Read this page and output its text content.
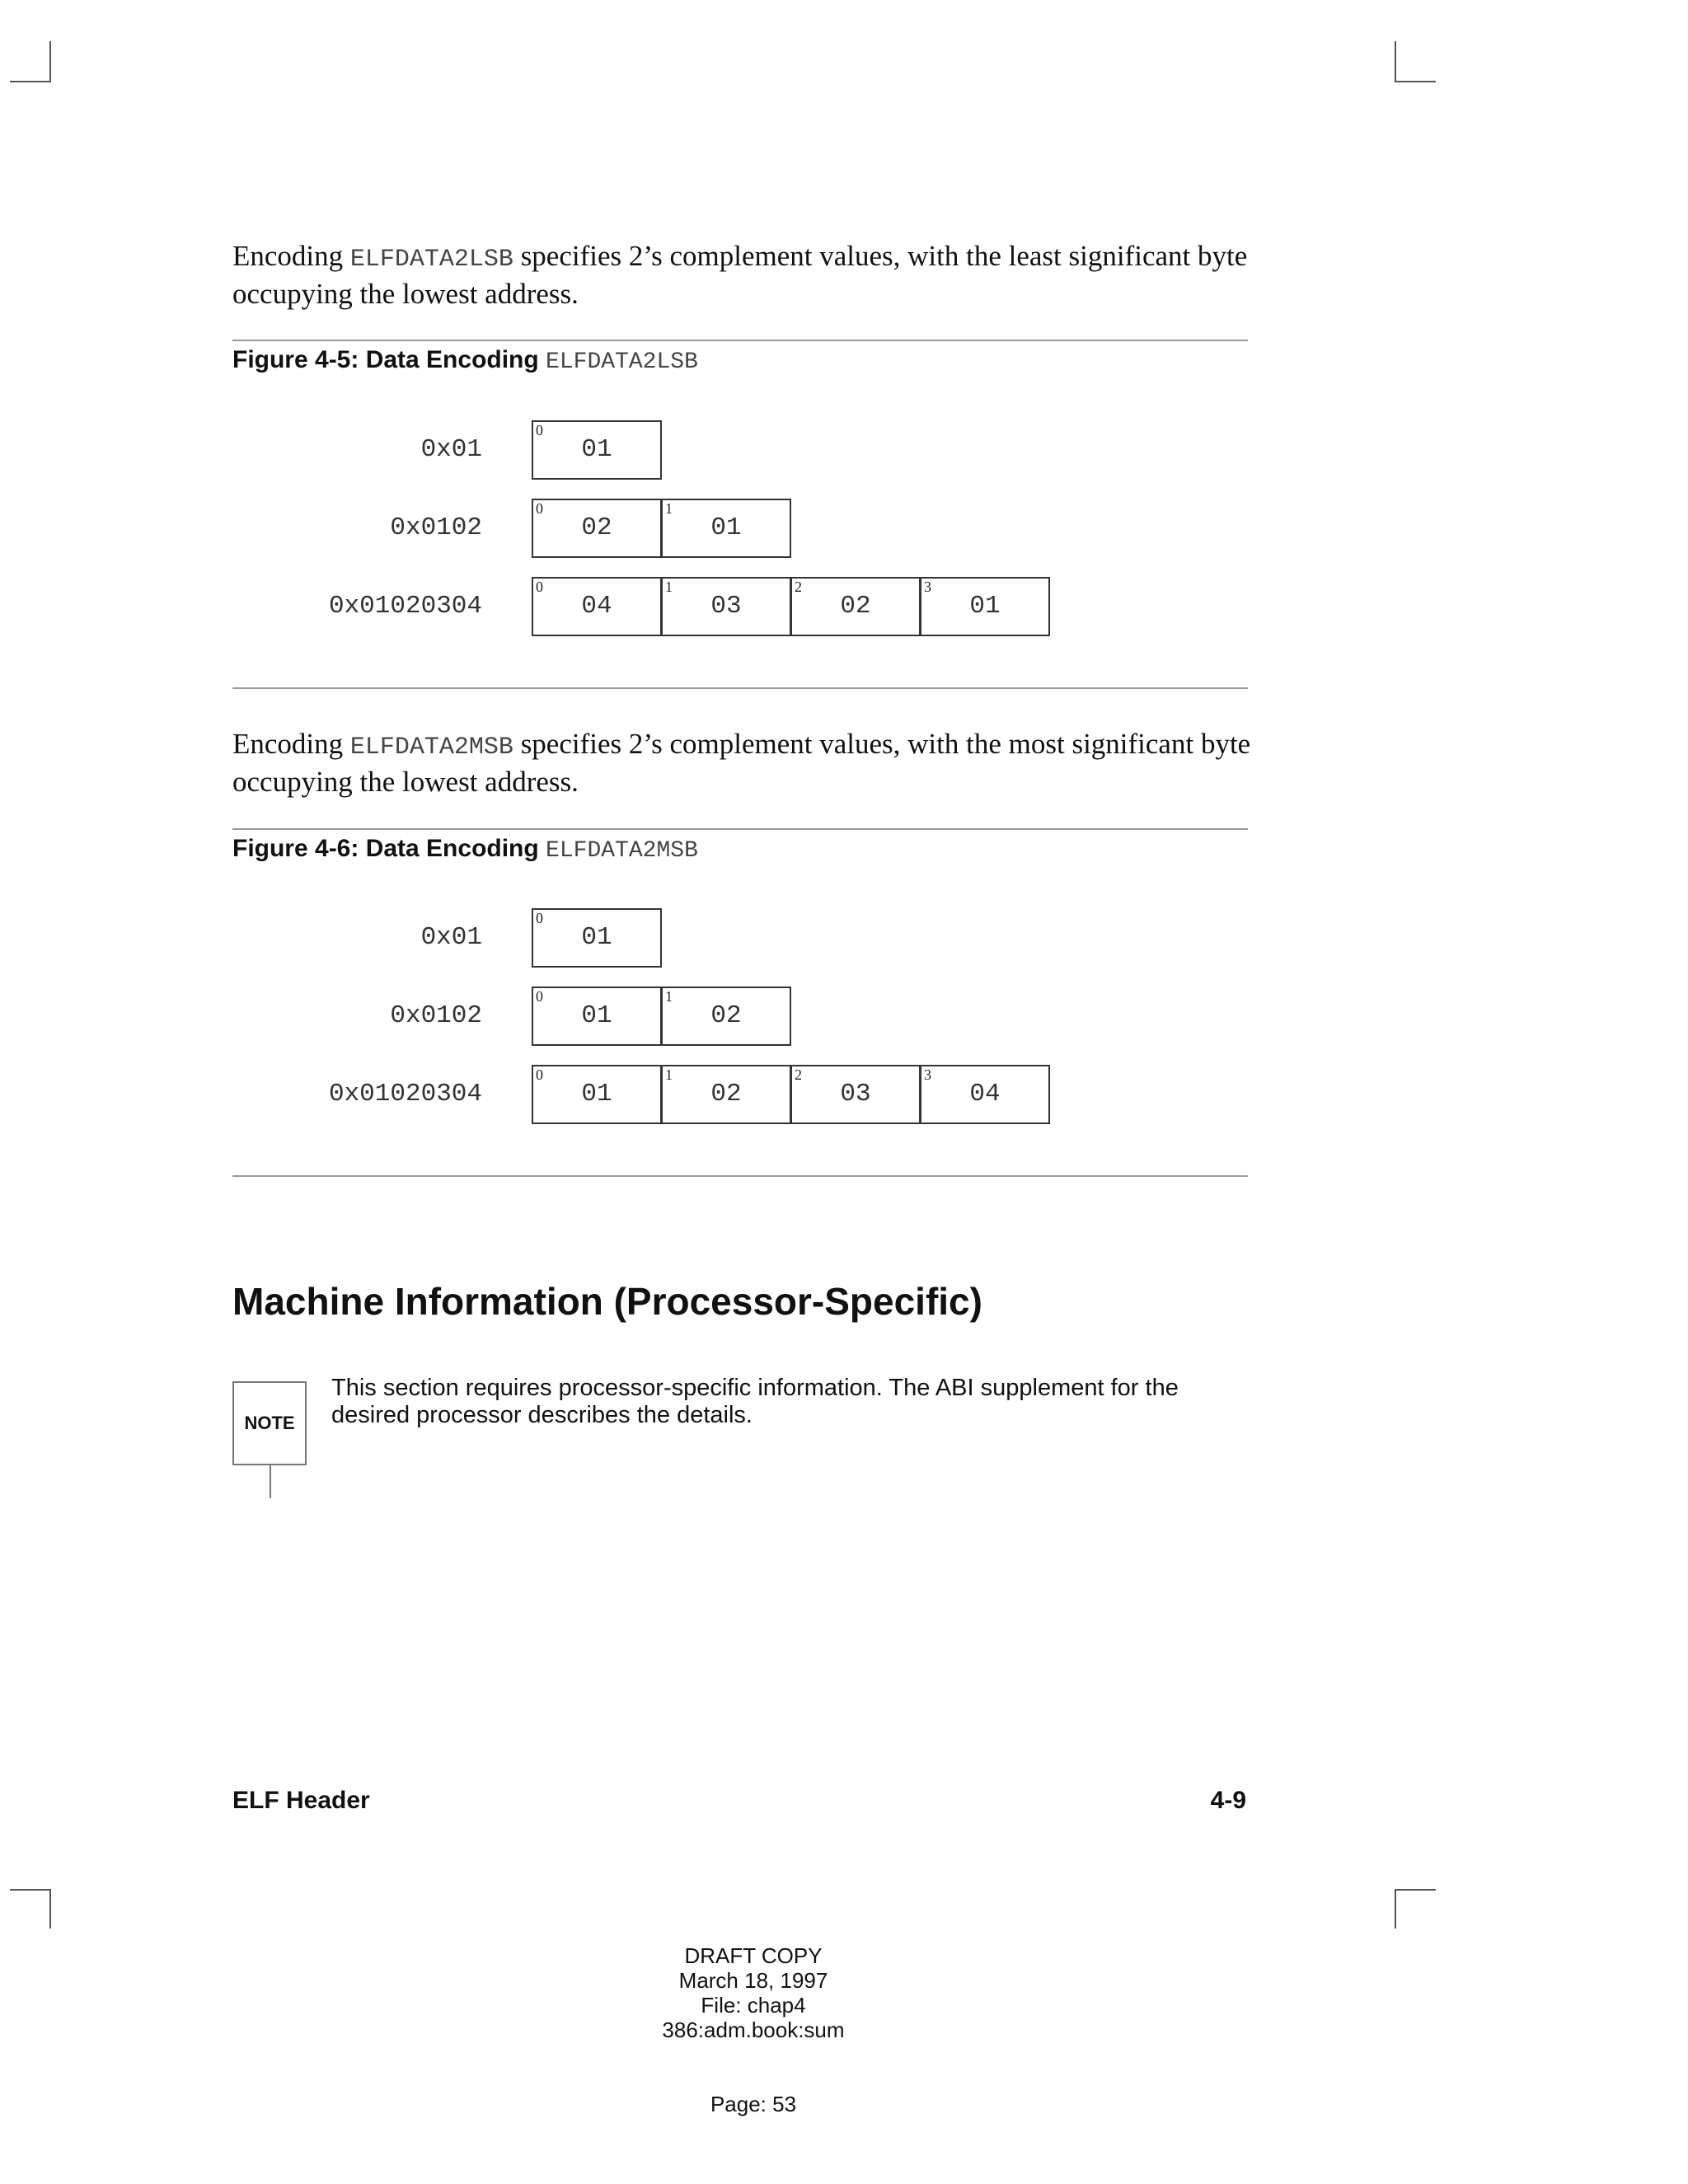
Encoding ELFDATA2LSB specifies 2’s complement values, with the least significant byte occupying the lowest address.
Figure 4-5: Data Encoding ELFDATA2LSB
0x01
0
01
0x0102
0
02
1
01
0x01020304
0
04
1
03
2
02
3
01
Encoding ELFDATA2MSB specifies 2’s complement values, with the most significant byte occupying the lowest address.
Figure 4-6: Data Encoding ELFDATA2MSB
0x01
0
01
0x0102
0
01
1
02
0x01020304
0
01
1
02
2
03
3
04
Machine Information (Processor-Specific)
NOTE
This section requires processor-specific information. The ABI supplement for the desired processor describes the details.
ELF Header	4-9
DRAFT COPY
March 18, 1997
File: chap4
386:adm.book:sum
Page: 53
